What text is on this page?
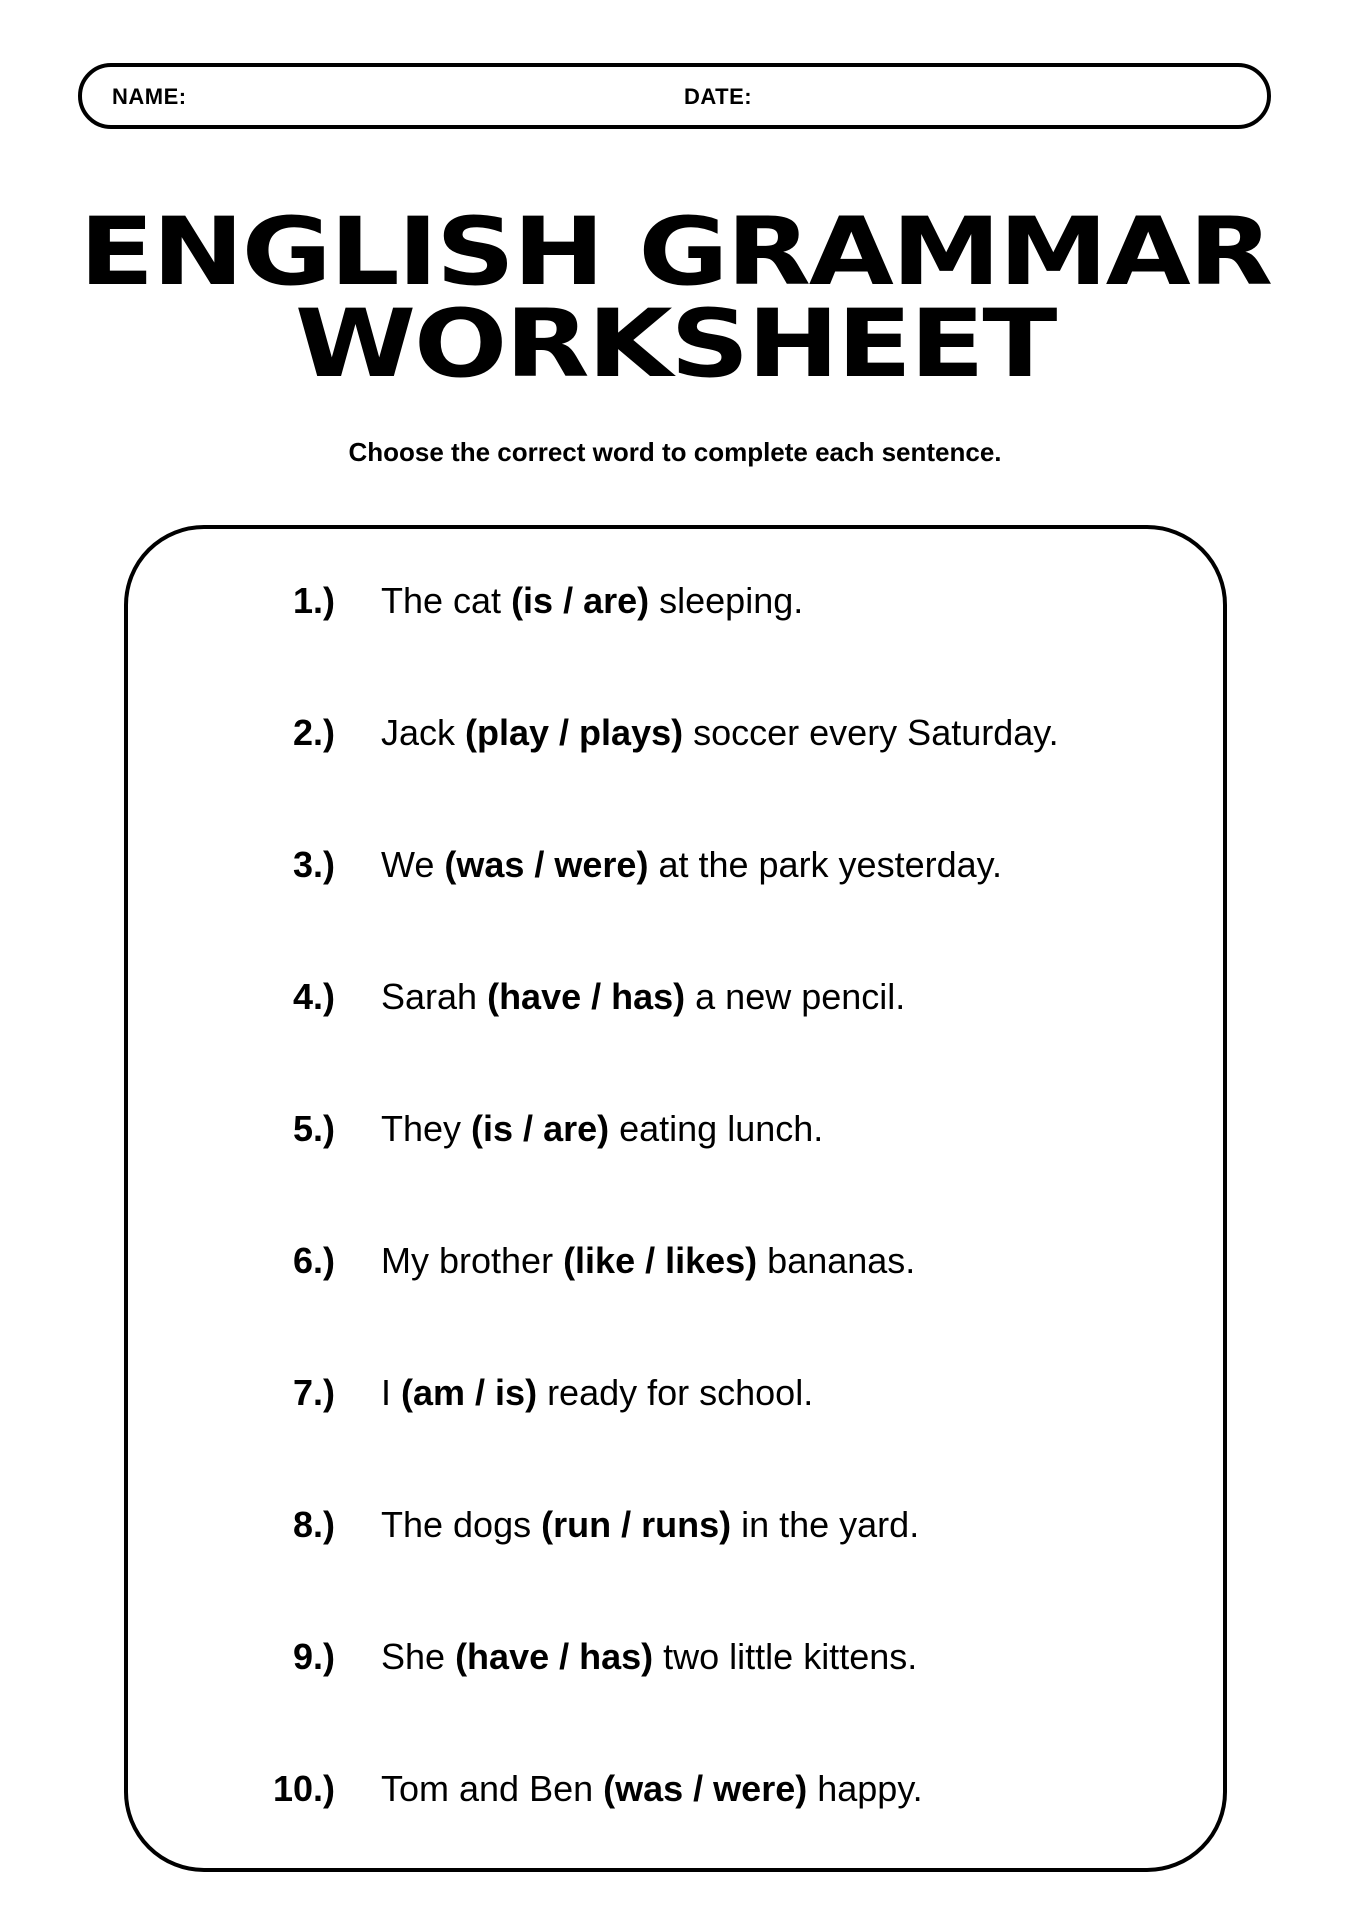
NAME:	DATE:
ENGLISH GRAMMAR
WORKSHEET
Choose the correct word to complete each sentence.
1.) The cat (is / are) sleeping.
2.) Jack (play / plays) soccer every Saturday.
3.) We (was / were) at the park yesterday.
4.) Sarah (have / has) a new pencil.
5.) They (is / are) eating lunch.
6.) My brother (like / likes) bananas.
7.) I (am / is) ready for school.
8.) The dogs (run / runs) in the yard.
9.) She (have / has) two little kittens.
10.) Tom and Ben (was / were) happy.
